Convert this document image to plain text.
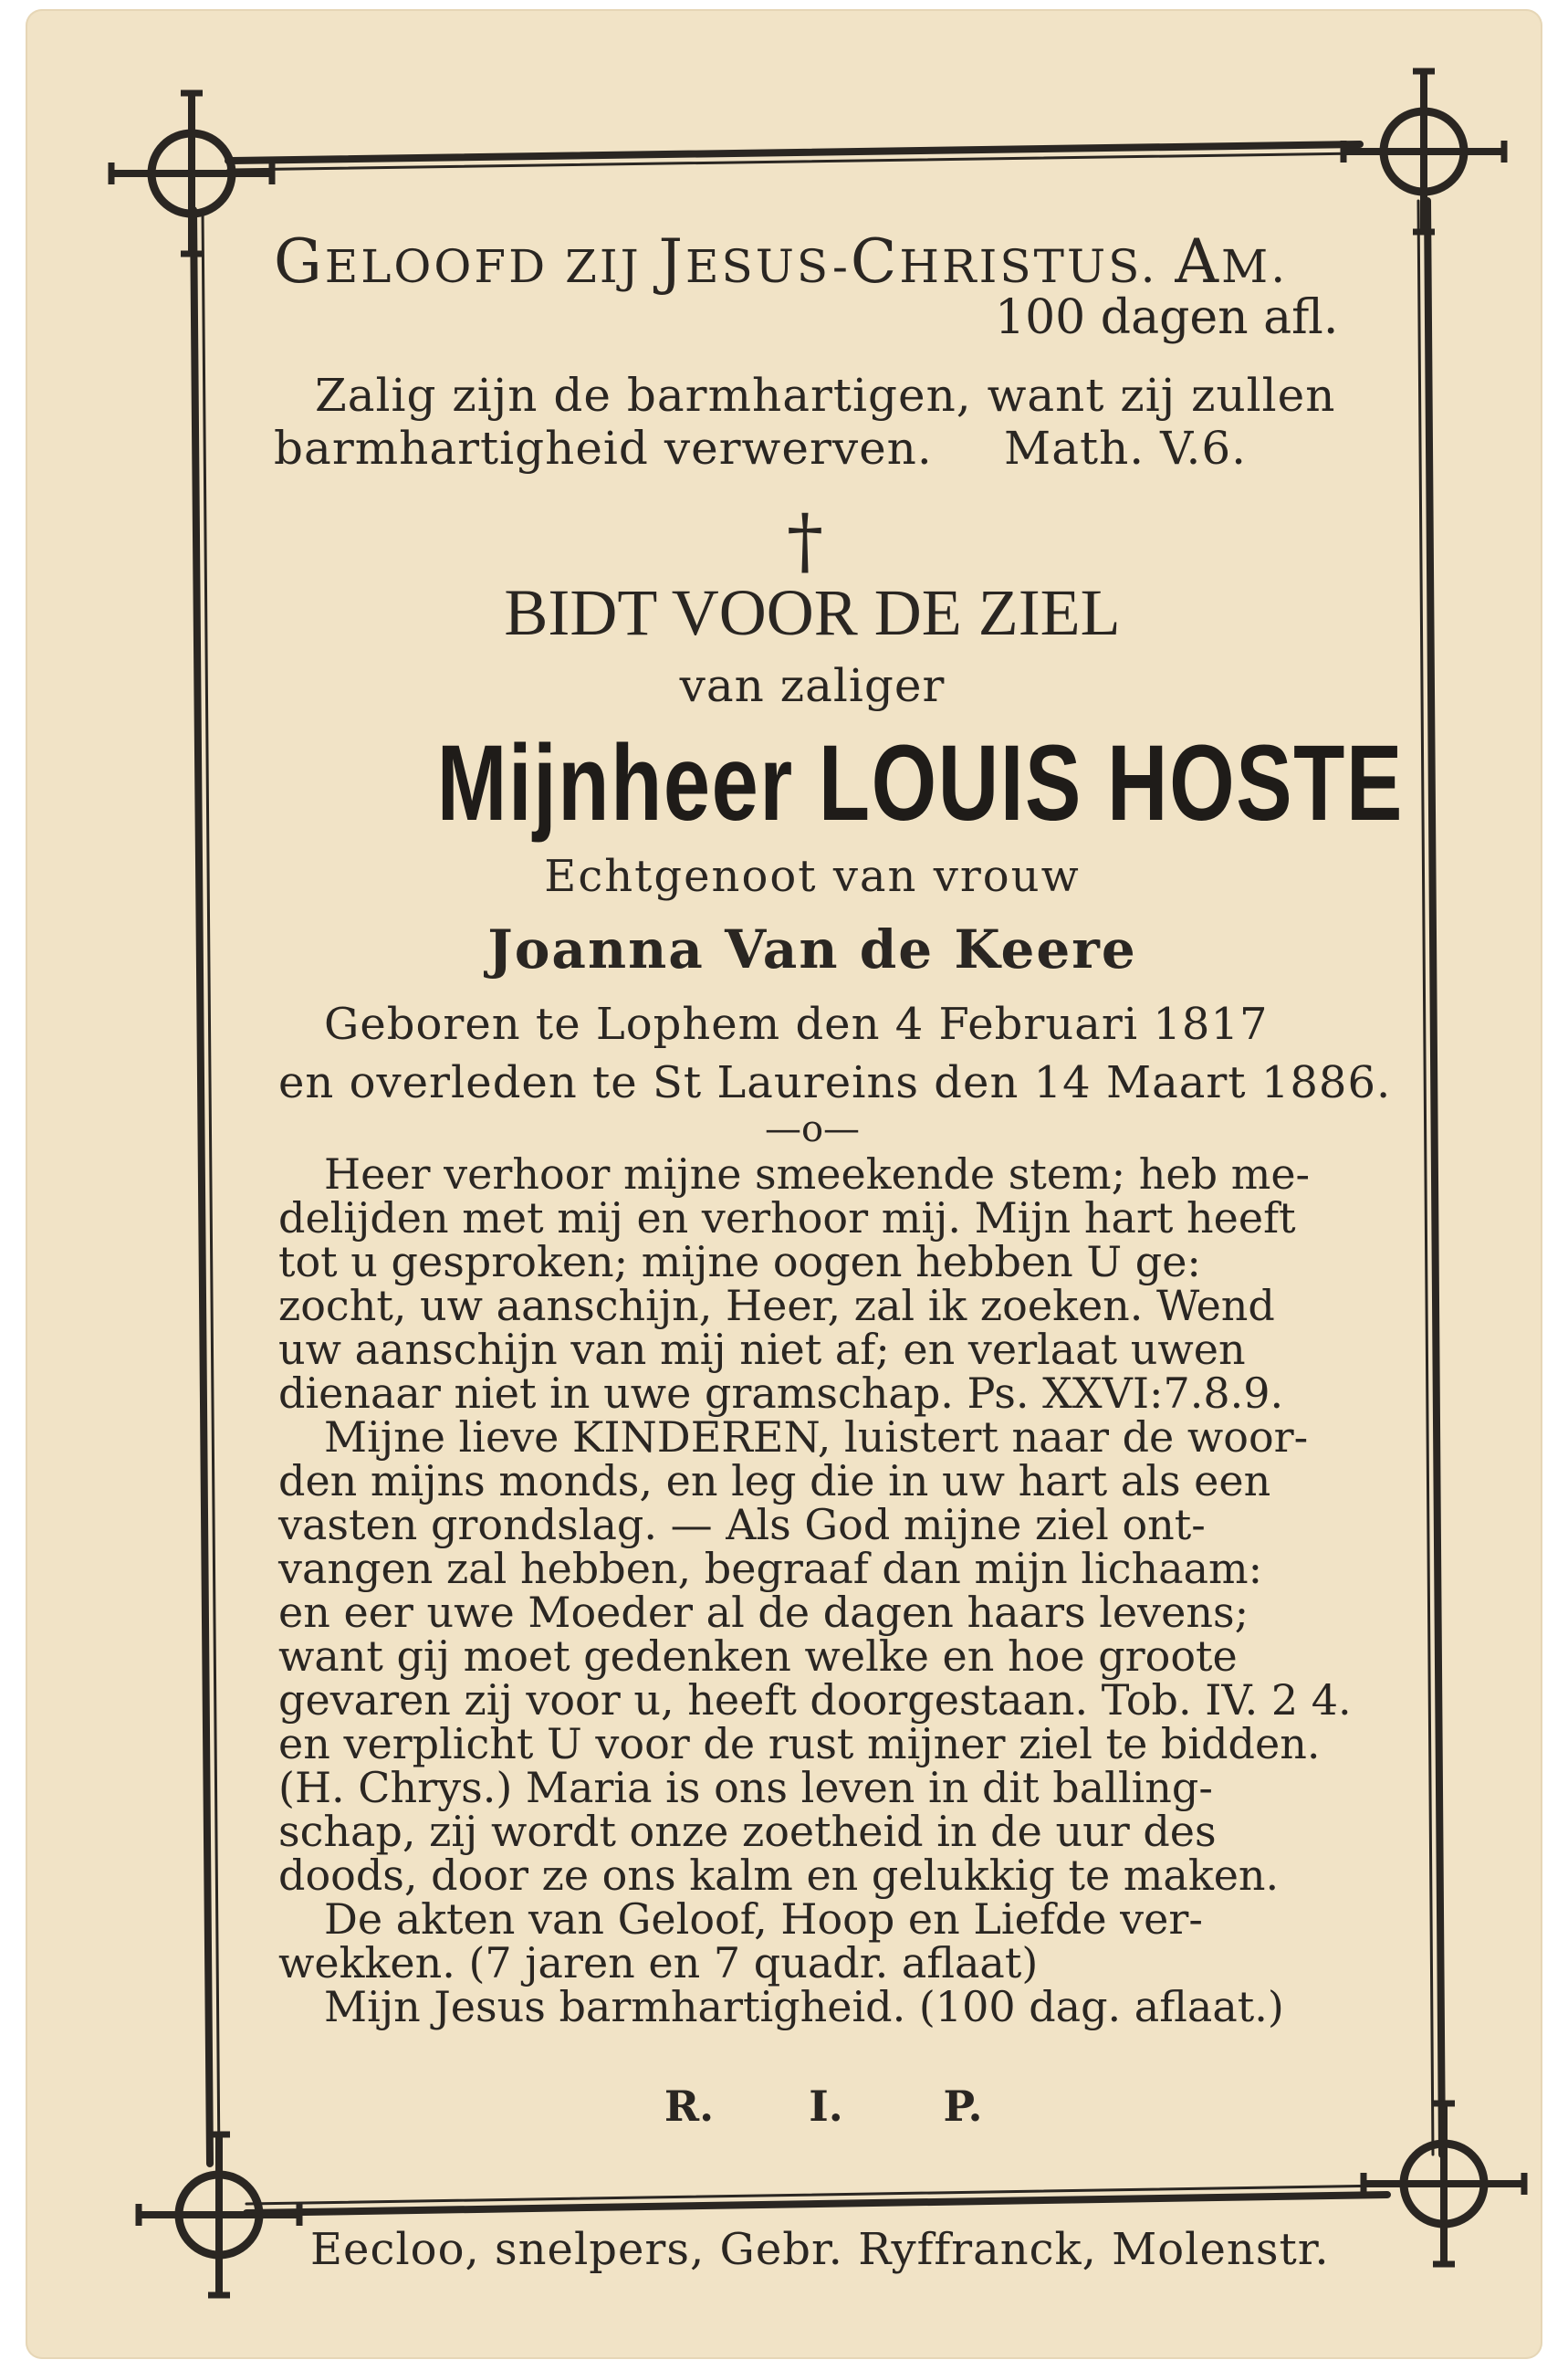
GELOOFD ZIJ JESUS-CHRISTUS. AM.
100 dagen afl.
Zalig zijn de barmhartigen, want zij zullen
barmhartigheid verwerven. Math. V.6.
†
BIDT VOOR DE ZIEL
van zaliger
Mijnheer LOUIS HOSTE
Echtgenoot van vrouw
Joanna Van de Keere
Geboren te Lophem den 4 Februari 1817
en overleden te St Laureins den 14 Maart 1886.
—o—
Heer verhoor mijne smeekende stem; heb me-
delijden met mij en verhoor mij. Mijn hart heeft
tot u gesproken; mijne oogen hebben U ge:
zocht, uw aanschijn, Heer, zal ik zoeken. Wend
uw aanschijn van mij niet af; en verlaat uwen
dienaar niet in uwe gramschap. Ps. XXVI:7.8.9.
Mijne lieve KINDEREN, luistert naar de woor-
den mijns monds, en leg die in uw hart als een
vasten grondslag. — Als God mijne ziel ont-
vangen zal hebben, begraaf dan mijn lichaam:
en eer uwe Moeder al de dagen haars levens;
want gij moet gedenken welke en hoe groote
gevaren zij voor u, heeft doorgestaan. Tob. IV. 2 4.
en verplicht U voor de rust mijner ziel te bidden.
(H. Chrys.) Maria is ons leven in dit balling-
schap, zij wordt onze zoetheid in de uur des
doods, door ze ons kalm en gelukkig te maken.
De akten van Geloof, Hoop en Liefde ver-
wekken. (7 jaren en 7 quadr. aflaat)
Mijn Jesus barmhartigheid. (100 dag. aflaat.)
R. I. P.
Eecloo, snelpers, Gebr. Ryffranck, Molenstr.
